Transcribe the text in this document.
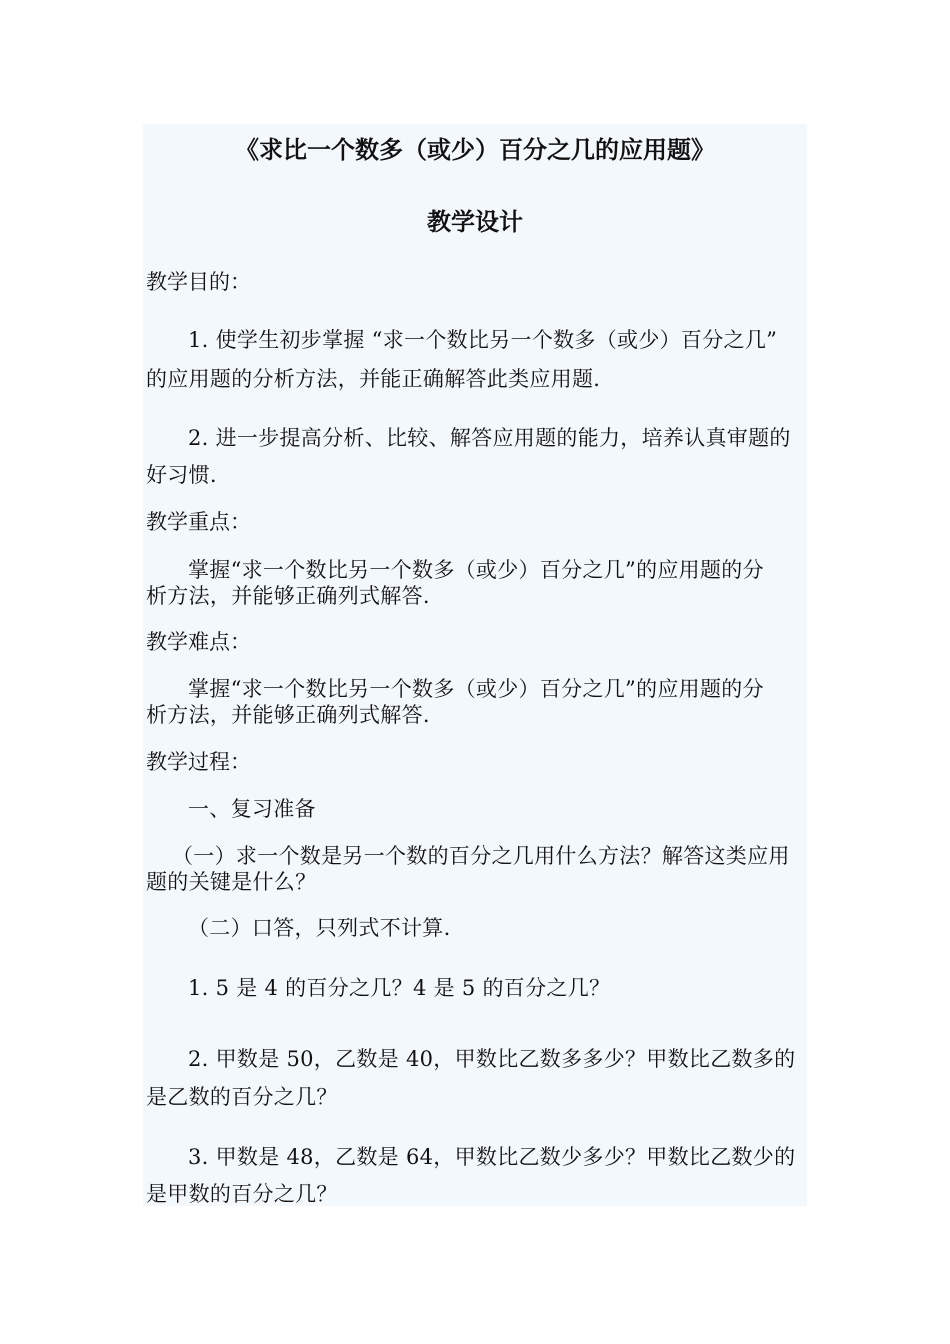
《求比一个数多（或少）百分之几的应用题》
教学设计
教学目的：
1. 使学生初步掌握 “求一个数比另一个数多（或少）百分之几”
的应用题的分析方法，并能正确解答此类应用题.
2. 进一步提高分析、比较、解答应用题的能力，培养认真审题的
好习惯.
教学重点：
掌握“求一个数比另一个数多（或少）百分之几”的应用题的分
析方法，并能够正确列式解答.
教学难点：
掌握“求一个数比另一个数多（或少）百分之几”的应用题的分
析方法，并能够正确列式解答.
教学过程：
一、复习准备
（一）求一个数是另一个数的百分之几用什么方法？解答这类应用
题的关键是什么？
（二）口答，只列式不计算.
1. 5 是 4 的百分之几？4 是 5 的百分之几？
2. 甲数是 50，乙数是 40，甲数比乙数多多少？甲数比乙数多的
是乙数的百分之几？
3. 甲数是 48，乙数是 64，甲数比乙数少多少？甲数比乙数少的
是甲数的百分之几？
